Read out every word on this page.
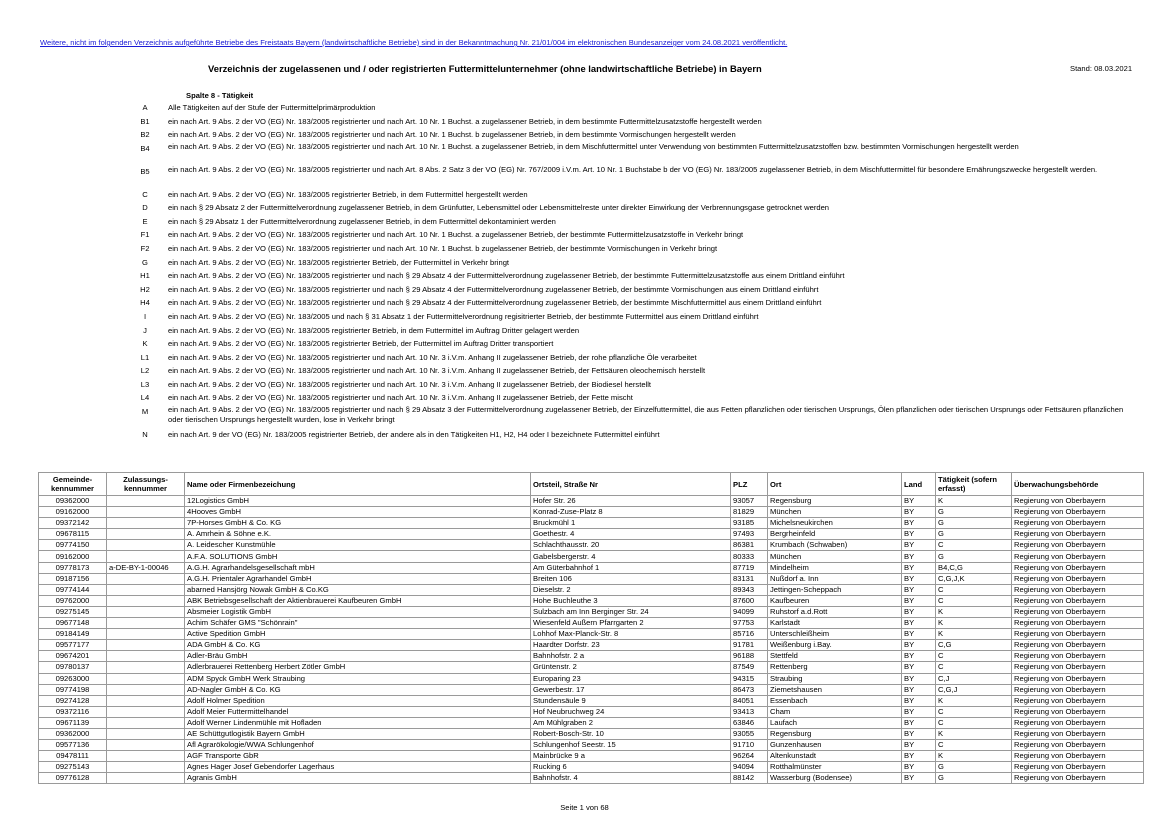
Weitere, nicht im folgenden Verzeichnis aufgeführte Betriebe des Freistaats Bayern (landwirtschaftliche Betriebe) sind in der Bekanntmachung Nr. 21/01/004 im elektronischen Bundesanzeiger vom 24.08.2021 veröffentlicht.
Verzeichnis der zugelassenen und / oder registrierten Futtermittelunternehmer (ohne landwirtschaftliche Betriebe) in Bayern	Stand: 08.03.2021
Spalte 8 - Tätigkeit
A	Alle Tätigkeiten auf der Stufe der Futtermittelprimärproduktion
B1	ein nach Art. 9 Abs. 2 der VO (EG) Nr. 183/2005 registrierter und nach Art. 10 Nr. 1 Buchst. a zugelassener Betrieb, in dem bestimmte Futtermittelzusatzstoffe hergestellt werden
B2	ein nach Art. 9 Abs. 2 der VO (EG) Nr. 183/2005 registrierter und nach Art. 10 Nr. 1 Buchst. b zugelassener Betrieb, in dem bestimmte Vormischungen hergestellt werden
B4	ein nach Art. 9 Abs. 2 der VO (EG) Nr. 183/2005 registrierter und nach Art. 10 Nr. 1 Buchst. a zugelassener Betrieb, in dem Mischfuttermittel unter Verwendung von bestimmten Futtermittelzusatzstoffen bzw. bestimmten Vormischungen hergestellt werden
B5	ein nach Art. 9 Abs. 2 der VO (EG) Nr. 183/2005 registrierter und nach Art. 8 Abs. 2 Satz 3 der VO (EG) Nr. 767/2009 i.V.m. Art. 10 Nr. 1 Buchstabe b der VO (EG) Nr. 183/2005 zugelassener Betrieb, in dem Mischfuttermittel für besondere Ernährungszwecke hergestellt werden.
C	ein nach Art. 9 Abs. 2 der VO (EG) Nr. 183/2005 registrierter Betrieb, in dem Futtermittel hergestellt werden
D	ein nach § 29 Absatz 2 der Futtermittelverordnung zugelassener Betrieb, in dem Grünfutter, Lebensmittel oder Lebensmittelreste unter direkter Einwirkung der Verbrennungsgase getrocknet werden
E	ein nach § 29 Absatz 1 der Futtermittelverordnung zugelassener Betrieb, in dem Futtermittel dekontaminiert werden
F1	ein nach Art. 9 Abs. 2 der VO (EG) Nr. 183/2005 registrierter und nach Art. 10 Nr. 1 Buchst. a zugelassener Betrieb, der bestimmte Futtermittelzusatzstoffe in Verkehr bringt
F2	ein nach Art. 9 Abs. 2 der VO (EG) Nr. 183/2005 registrierter und nach Art. 10 Nr. 1 Buchst. b zugelassener Betrieb, der bestimmte Vormischungen in Verkehr bringt
G	ein nach Art. 9 Abs. 2 der VO (EG) Nr. 183/2005 registrierter Betrieb, der Futtermittel in Verkehr bringt
H1	ein nach Art. 9 Abs. 2 der VO (EG) Nr. 183/2005 registrierter und nach § 29 Absatz 4 der Futtermittelverordnung zugelassener Betrieb, der bestimmte Futtermittelzusatzstoffe aus einem Drittland einführt
H2	ein nach Art. 9 Abs. 2 der VO (EG) Nr. 183/2005 registrierter und nach § 29 Absatz 4 der Futtermittelverordnung zugelassener Betrieb, der bestimmte Vormischungen aus einem Drittland einführt
H4	ein nach Art. 9 Abs. 2 der VO (EG) Nr. 183/2005 registrierter und nach § 29 Absatz 4 der Futtermittelverordnung zugelassener Betrieb, der bestimmte Mischfuttermittel aus einem Drittland einführt
I	ein nach Art. 9 Abs. 2 der VO (EG) Nr. 183/2005 und nach § 31 Absatz 1 der Futtermittelverordnung regisitrierter Betrieb, der bestimmte Futtermittel aus einem Drittland einführt
J	ein nach Art. 9 Abs. 2 der VO (EG) Nr. 183/2005 registrierter Betrieb, in dem Futtermittel im Auftrag Dritter gelagert werden
K	ein nach Art. 9 Abs. 2 der VO (EG) Nr. 183/2005 registrierter Betrieb, der Futtermittel im Auftrag Dritter transportiert
L1	ein nach Art. 9 Abs. 2 der VO (EG) Nr. 183/2005 registrierter und nach Art. 10 Nr. 3 i.V.m. Anhang II zugelassener Betrieb, der rohe pflanzliche Öle verarbeitet
L2	ein nach Art. 9 Abs. 2 der VO (EG) Nr. 183/2005 registrierter und nach Art. 10 Nr. 3 i.V.m. Anhang II zugelassener Betrieb, der Fettsäuren oleochemisch herstellt
L3	ein nach Art. 9 Abs. 2 der VO (EG) Nr. 183/2005 registrierter und nach Art. 10 Nr. 3 i.V.m. Anhang II zugelassener Betrieb, der Biodiesel herstellt
L4	ein nach Art. 9 Abs. 2 der VO (EG) Nr. 183/2005 registrierter und nach Art. 10 Nr. 3 i.V.m. Anhang II zugelassener Betrieb, der Fette mischt
M	ein nach Art. 9 Abs. 2 der VO (EG) Nr. 183/2005 registrierter und nach § 29 Absatz 3 der Futtermittelverordnung zugelassener Betrieb, der Einzelfuttermittel, die aus Fetten pflanzlichen oder tierischen Ursprungs, Ölen pflanzlichen oder tierischen Ursprungs oder Fettsäuren pflanzlichen oder tierischen Ursprungs hergestellt wurden, lose in Verkehr bringt
N	ein nach Art. 9 der VO (EG) Nr. 183/2005 registrierter Betrieb, der andere als in den Tätigkeiten H1, H2, H4 oder I bezeichnete Futtermittel einführt
Gemeinde-kennummer	Zulassungs-kennummer	Name oder Firmenbezeichung	Ortsteil, Straße Nr	PLZ	Ort	Land	Tätigkeit (sofern erfasst)	Überwachungsbehörde
09362000		12Logistics GmbH	Hofer Str. 26	93057	Regensburg	BY	K	Regierung von Oberbayern
09162000		4Hooves GmbH	Konrad-Zuse-Platz 8	81829	München	BY	G	Regierung von Oberbayern
09372142		7P-Horses GmbH & Co. KG	Bruckmühl 1	93185	Michelsneukirchen	BY	G	Regierung von Oberbayern
09678115		A. Amrhein & Söhne e.K.	Goethestr. 4	97493	Bergrheinfeld	BY	G	Regierung von Oberbayern
09774150		A. Leidescher Kunstmühle	Schlachthausstr. 20	86381	Krumbach (Schwaben)	BY	C	Regierung von Oberbayern
09162000		A.F.A. SOLUTIONS GmbH	Gabelsbergerstr. 4	80333	München	BY	G	Regierung von Oberbayern
09778173	a-DE-BY-1-00046	A.G.H. Agrarhandelsgesellschaft mbH	Am Güterbahnhof 1	87719	Mindelheim	BY	B4,C,G	Regierung von Oberbayern
09187156		A.G.H. Prientaler Agrarhandel GmbH	Breiten 106	83131	Nußdorf a. Inn	BY	C,G,J,K	Regierung von Oberbayern
09774144		abarned Hansjörg Nowak GmbH & Co.KG	Dieselstr. 2	89343	Jettingen-Scheppach	BY	C	Regierung von Oberbayern
09762000		ABK Betriebsgesellschaft der Aktienbrauerei Kaufbeuren GmbH	Hohe Buchleuthe 3	87600	Kaufbeuren	BY	C	Regierung von Oberbayern
09275145		Absmeier Logistik GmbH	Sulzbach am Inn Berginger Str. 24	94099	Ruhstorf a.d.Rott	BY	K	Regierung von Oberbayern
09677148		Achim Schäfer GMS "Schönrain"	Wiesenfeld Außern Pfarrgarten 2	97753	Karlstadt	BY	K	Regierung von Oberbayern
09184149		Active Spedition GmbH	Lohhof Max-Planck-Str. 8	85716	Unterschleißheim	BY	K	Regierung von Oberbayern
09577177		ADA GmbH & Co. KG	Haardter Dorfstr. 23	91781	Weißenburg i.Bay.	BY	C,G	Regierung von Oberbayern
09674201		Adler-Bräu GmbH	Bahnhofstr. 2 a	96188	Stettfeld	BY	C	Regierung von Oberbayern
09780137		Adlerbrauerei Rettenberg Herbert Zötler GmbH	Grüntenstr. 2	87549	Rettenberg	BY	C	Regierung von Oberbayern
09263000		ADM Spyck GmbH Werk Straubing	Europaring 23	94315	Straubing	BY	C,J	Regierung von Oberbayern
09774198		AD-Nagler GmbH & Co. KG	Gewerbestr. 17	86473	Ziemetshausen	BY	C,G,J	Regierung von Oberbayern
09274128		Adolf Holmer Spedition	Stundensäule 9	84051	Essenbach	BY	K	Regierung von Oberbayern
09372116		Adolf Meier Futtermittelhandel	Hof Neubruchweg 24	93413	Cham	BY	C	Regierung von Oberbayern
09671139		Adolf Werner Lindenmühle mit Hofladen	Am Mühlgraben 2	63846	Laufach	BY	C	Regierung von Oberbayern
09362000		AE Schüttgutlogistik Bayern GmbH	Robert-Bosch-Str. 10	93055	Regensburg	BY	K	Regierung von Oberbayern
09577136		Afl Agrarökologie/WWA Schlungenhof	Schlungenhof Seestr. 15	91710	Gunzenhausen	BY	C	Regierung von Oberbayern
09478111		AGF Transporte GbR	Mainbrücke 9 a	96264	Altenkunstadt	BY	K	Regierung von Oberbayern
09275143		Agnes Hager Josef Gebendorfer Lagerhaus	Rucking 6	94094	Rotthalmünster	BY	G	Regierung von Oberbayern
09776128		Agranis GmbH	Bahnhofstr. 4	88142	Wasserburg (Bodensee)	BY	G	Regierung von Oberbayern
Seite 1 von 68
